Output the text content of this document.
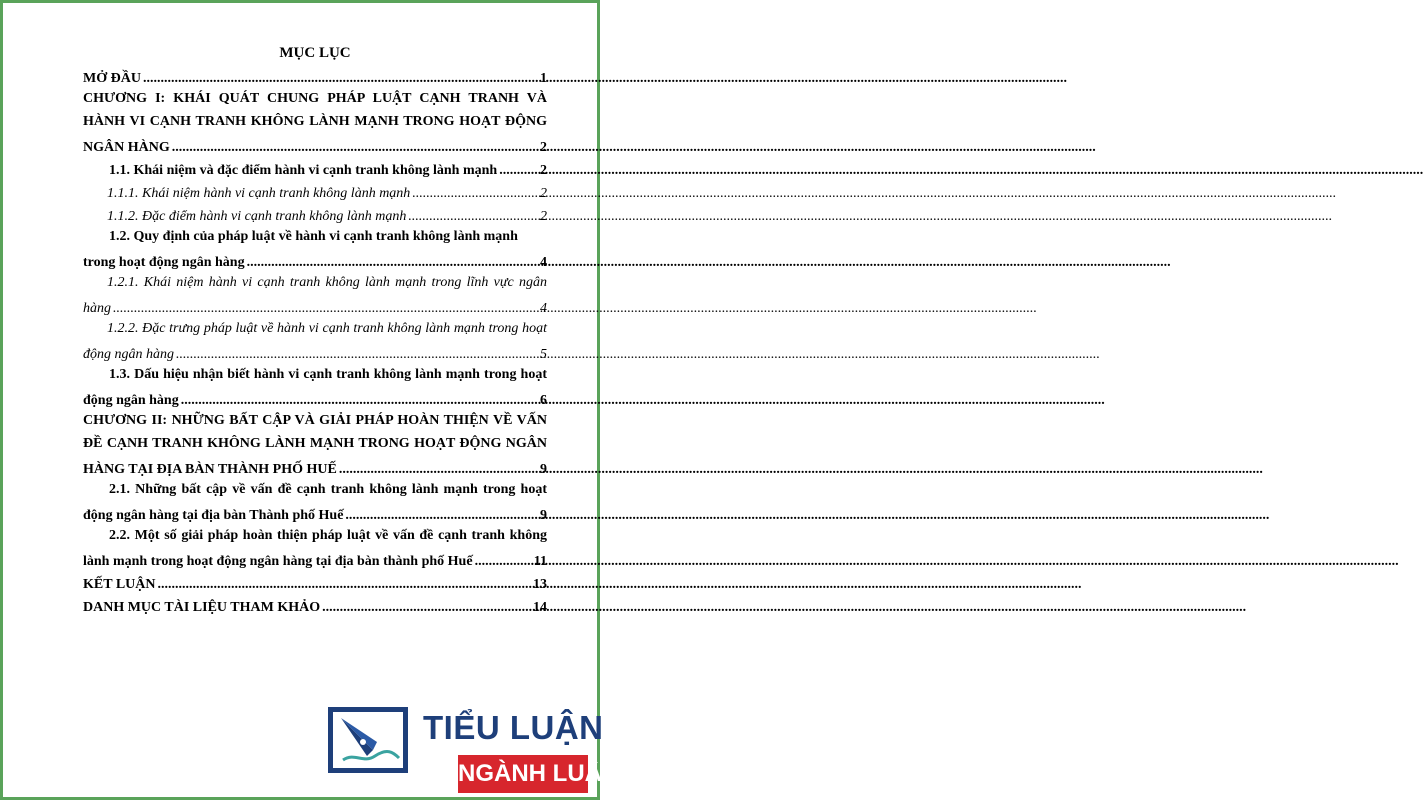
MỤC LỤC
MỞ ĐẦU .....	1
CHƯƠNG I: KHÁI QUÁT CHUNG PHÁP LUẬT CẠNH TRANH VÀ
HÀNH VI CẠNH TRANH KHÔNG LÀNH MẠNH TRONG HOẠT ĐỘNG
NGÂN HÀNG .....	2
1.1. Khái niệm và đặc điểm hành vi cạnh tranh không lành mạnh .....	2
1.1.1. Khái niệm hành vi cạnh tranh không lành mạnh .....	2
1.1.2. Đặc điểm hành vi cạnh tranh không lành mạnh .....	2
1.2. Quy định của pháp luật về hành vi cạnh tranh không lành mạnh
trong hoạt động ngân hàng .....	4
1.2.1. Khái niệm hành vi cạnh tranh không lành mạnh trong lĩnh vực ngân
hàng .....	4
1.2.2. Đặc trưng pháp luật về hành vi cạnh tranh không lành mạnh trong hoạt
động ngân hàng .....	5
1.3. Dấu hiệu nhận biết hành vi cạnh tranh không lành mạnh trong hoạt
động ngân hàng .....	6
CHƯƠNG II: NHỮNG BẤT CẬP VÀ GIẢI PHÁP HOÀN THIỆN VỀ VẤN
ĐỀ CẠNH TRANH KHÔNG LÀNH MẠNH TRONG HOẠT ĐỘNG NGÂN
HÀNG TẠI ĐỊA BÀN THÀNH PHỐ HUẾ .....	9
2.1. Những bất cập về vấn đề cạnh tranh không lành mạnh trong hoạt
động ngân hàng tại địa bàn Thành phố Huế .....	9
2.2. Một số giải pháp hoàn thiện pháp luật về vấn đề cạnh tranh không
lành mạnh trong hoạt động ngân hàng tại địa bàn thành phố Huế .....	11
KẾT LUẬN .....	13
DANH MỤC TÀI LIỆU THAM KHẢO .....	14
TIỂU LUẬN
NGÀNH LUẬT
